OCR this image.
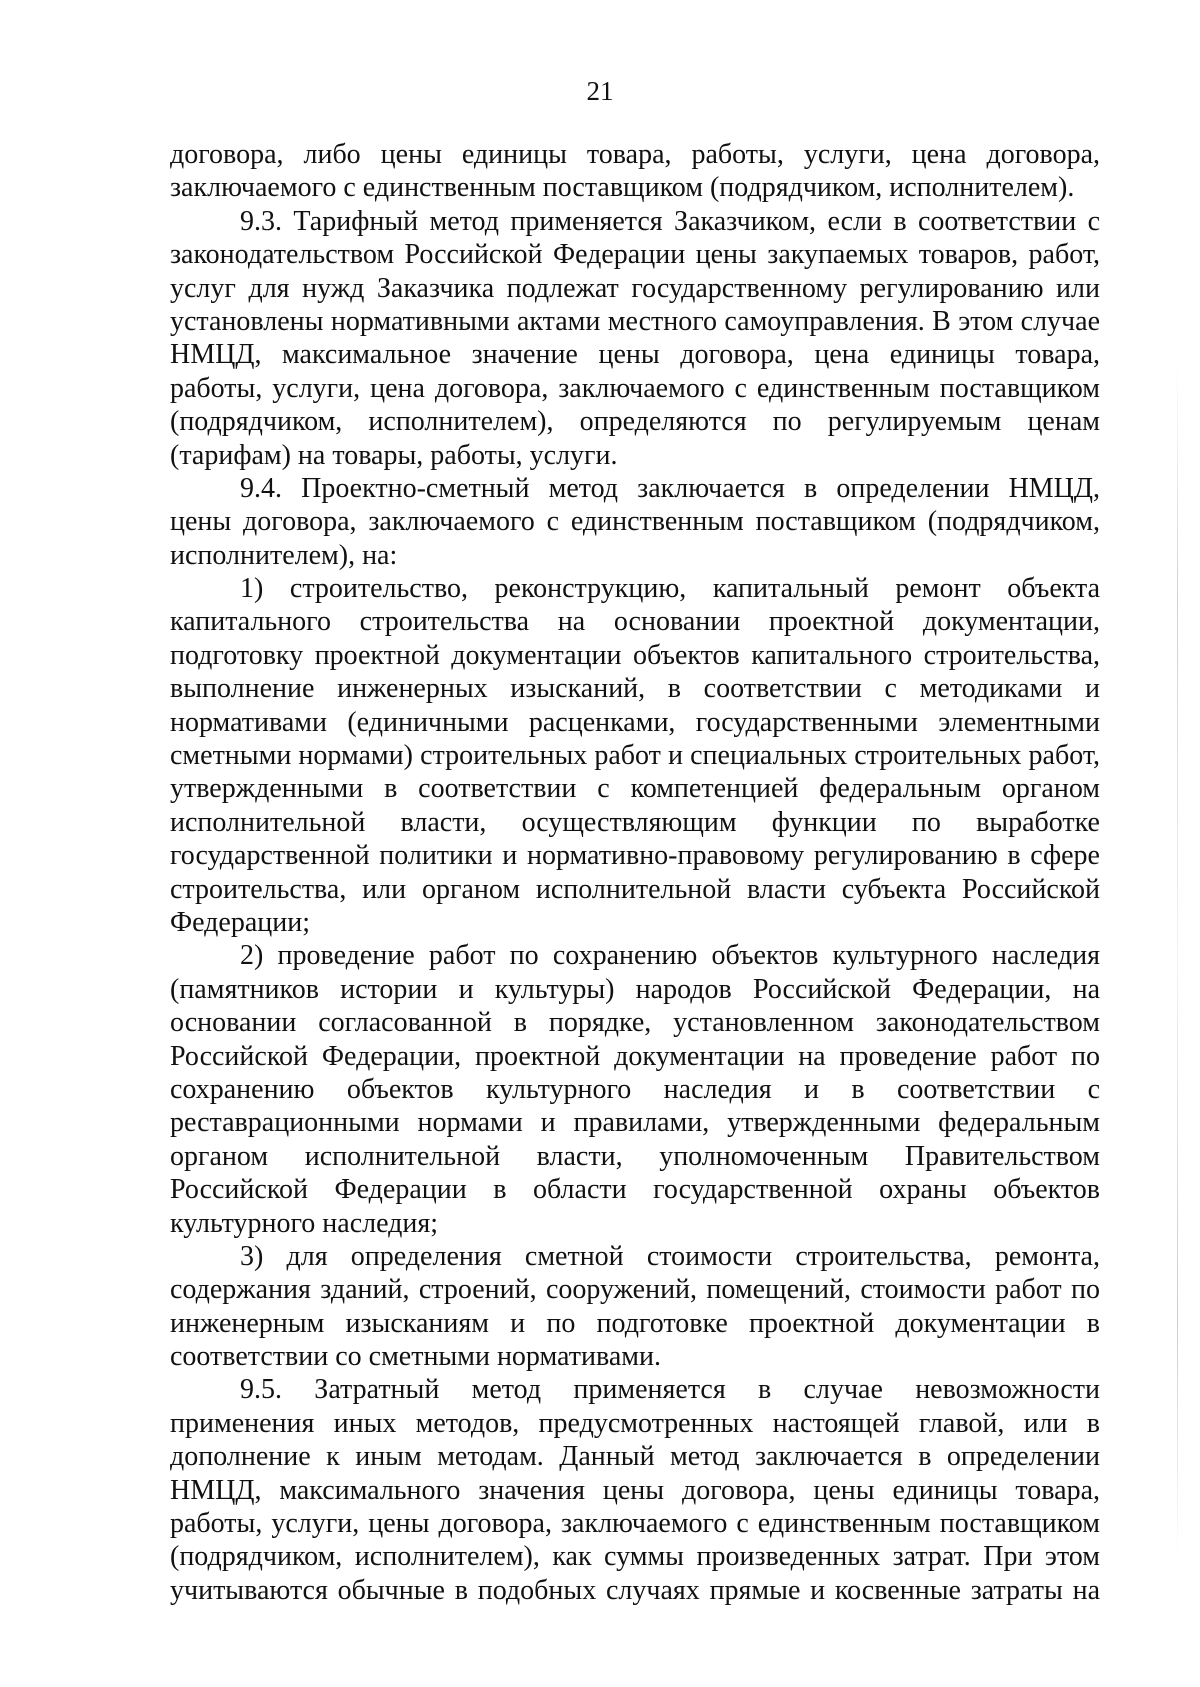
21
договора, либо цены единицы товара, работы, услуги, цена договора,
заключаемого с единственным поставщиком (подрядчиком, исполнителем).
9.3. Тарифный метод применяется Заказчиком, если в соответствии с
законодательством Российской Федерации цены закупаемых товаров, работ,
услуг для нужд Заказчика подлежат государственному регулированию или
установлены нормативными актами местного самоуправления. В этом случае
НМЦД, максимальное значение цены договора, цена единицы товара,
работы, услуги, цена договора, заключаемого с единственным поставщиком
(подрядчиком, исполнителем), определяются по регулируемым ценам
(тарифам) на товары, работы, услуги.
9.4. Проектно-сметный метод заключается в определении НМЦД,
цены договора, заключаемого с единственным поставщиком (подрядчиком,
исполнителем), на:
1) строительство, реконструкцию, капитальный ремонт объекта
капитального строительства на основании проектной документации,
подготовку проектной документации объектов капитального строительства,
выполнение инженерных изысканий, в соответствии с методиками и
нормативами (единичными расценками, государственными элементными
сметными нормами) строительных работ и специальных строительных работ,
утвержденными в соответствии с компетенцией федеральным органом
исполнительной власти, осуществляющим функции по выработке
государственной политики и нормативно-правовому регулированию в сфере
строительства, или органом исполнительной власти субъекта Российской
Федерации;
2) проведение работ по сохранению объектов культурного наследия
(памятников истории и культуры) народов Российской Федерации, на
основании согласованной в порядке, установленном законодательством
Российской Федерации, проектной документации на проведение работ по
сохранению объектов культурного наследия и в соответствии с
реставрационными нормами и правилами, утвержденными федеральным
органом исполнительной власти, уполномоченным Правительством
Российской Федерации в области государственной охраны объектов
культурного наследия;
3) для определения сметной стоимости строительства, ремонта,
содержания зданий, строений, сооружений, помещений, стоимости работ по
инженерным изысканиям и по подготовке проектной документации в
соответствии со сметными нормативами.
9.5. Затратный метод применяется в случае невозможности
применения иных методов, предусмотренных настоящей главой, или в
дополнение к иным методам. Данный метод заключается в определении
НМЦД, максимального значения цены договора, цены единицы товара,
работы, услуги, цены договора, заключаемого с единственным поставщиком
(подрядчиком, исполнителем), как суммы произведенных затрат. При этом
учитываются обычные в подобных случаях прямые и косвенные затраты на
